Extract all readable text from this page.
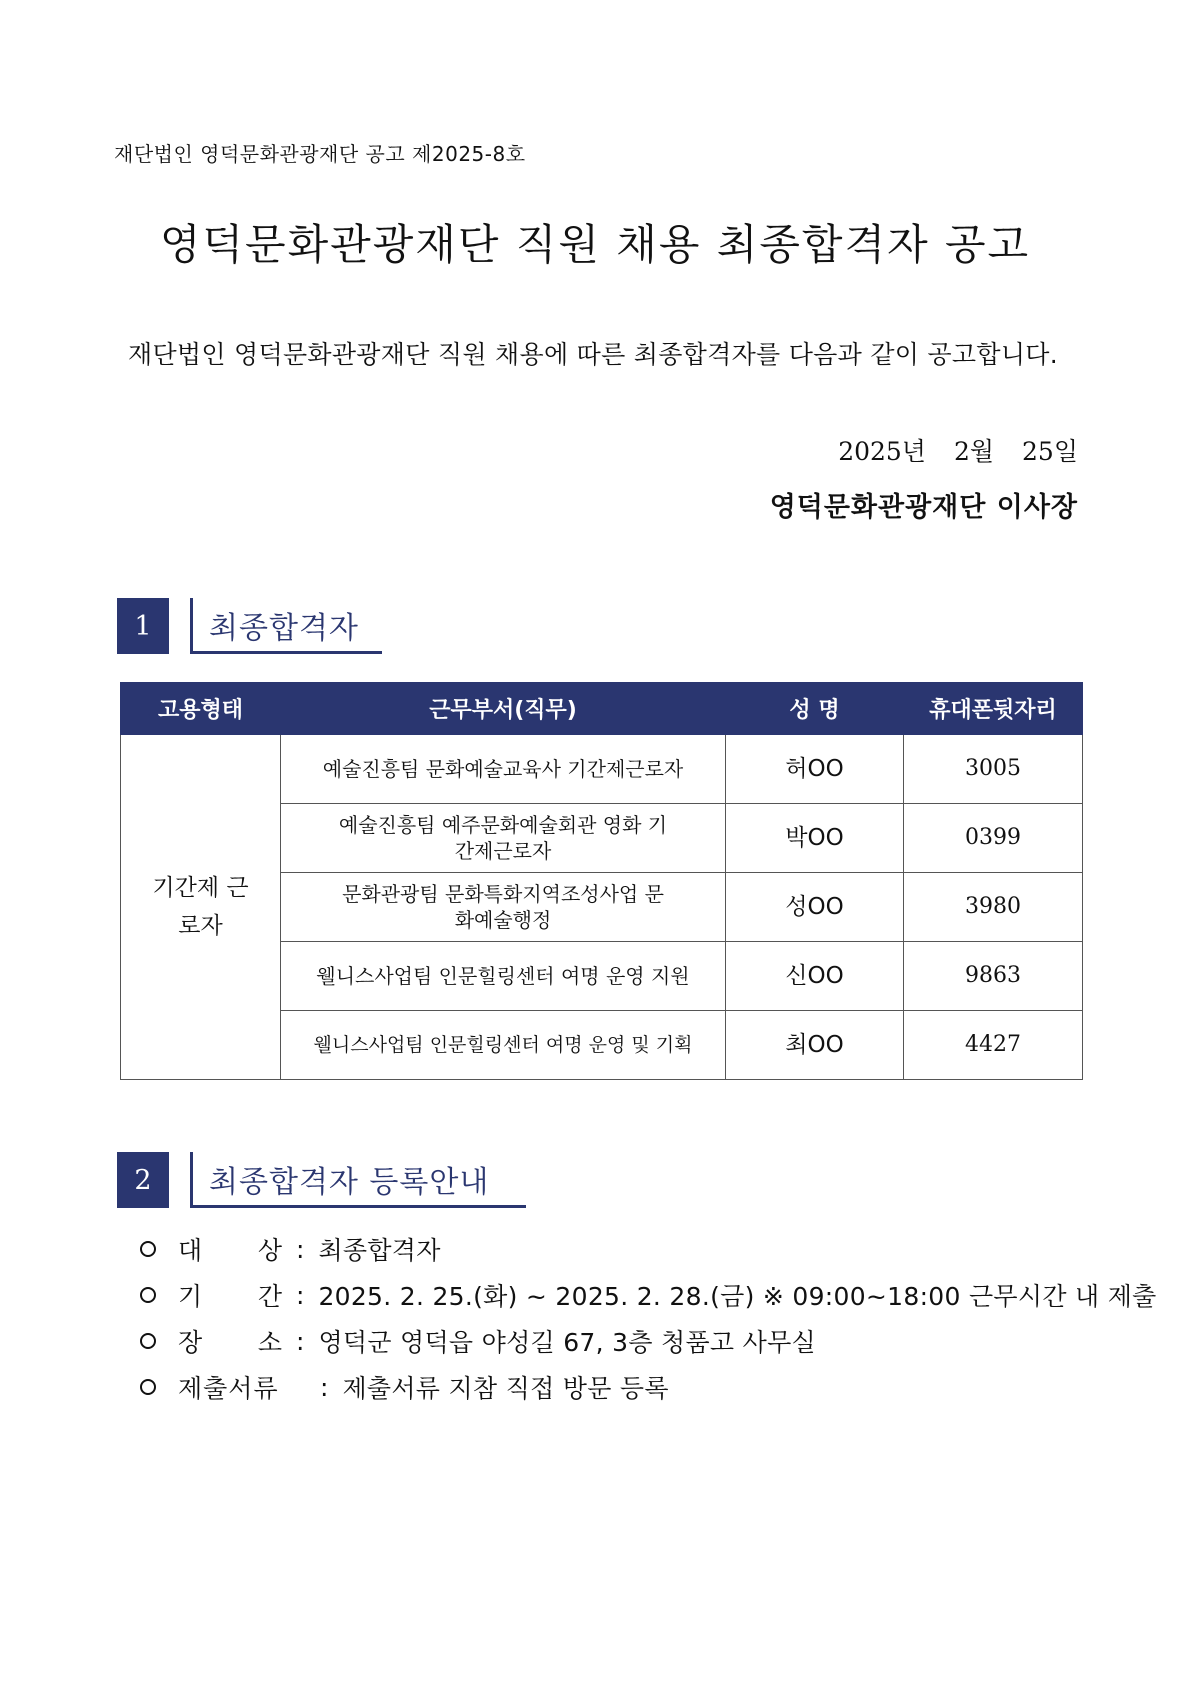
재단법인 영덕문화관광재단 공고 제2025-8호
영덕문화관광재단 직원 채용 최종합격자 공고
재단법인 영덕문화관광재단 직원 채용에 따른 최종합격자를 다음과 같이 공고합니다.
2025년 2월 25일
영덕문화관광재단 이사장
1	최종합격자
고용형태	근무부서(직무)	성 명	휴대폰뒷자리
기간제 근로자	예술진흥팀 문화예술교육사 기간제근로자	허OO	3005
	예술진흥팀 예주문화예술회관 영화 기간제근로자	박OO	0399
	문화관광팀 문화특화지역조성사업 문화예술행정	성OO	3980
	웰니스사업팀 인문힐링센터 여명 운영 지원	신OO	9863
	웰니스사업팀 인문힐링센터 여명 운영 및 기획	최OO	4427
2	최종합격자 등록안내
대 상 : 최종합격자
기 간 : 2025. 2. 25.(화) ~ 2025. 2. 28.(금) ※ 09:00~18:00 근무시간 내 제출
장 소 : 영덕군 영덕읍 야성길 67, 3층 청품고 사무실
제출서류	: 제출서류 지참 직접 방문 등록
